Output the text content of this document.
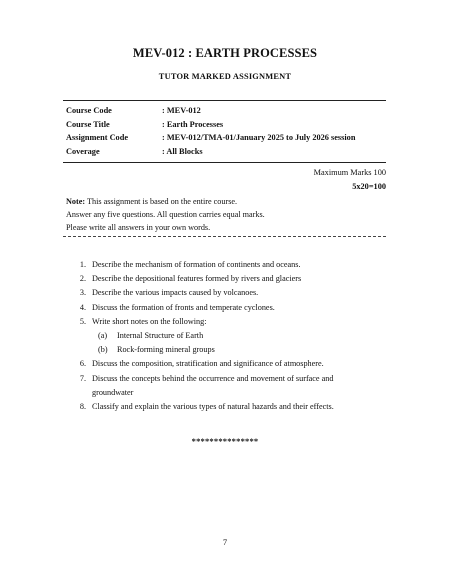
MEV-012 : EARTH PROCESSES
TUTOR MARKED ASSIGNMENT
Course Code	: MEV-012
Course Title	: Earth Processes
Assignment Code	: MEV-012/TMA-01/January 2025 to July 2026 session
Coverage	: All Blocks
Maximum Marks 100
5x20=100
Note: This assignment is based on the entire course.
Answer any five questions. All question carries equal marks.
Please write all answers in your own words.
1. Describe the mechanism of formation of continents and oceans.
2. Describe the depositional features formed by rivers and glaciers
3. Describe the various impacts caused by volcanoes.
4. Discuss the formation of fronts and temperate cyclones.
5. Write short notes on the following:
(a)	Internal Structure of Earth
(b)	Rock-forming mineral groups
6. Discuss the composition, stratification and significance of atmosphere.
7. Discuss the concepts behind the occurrence and movement of surface and
groundwater
8. Classify and explain the various types of natural hazards and their effects.
***************
7
